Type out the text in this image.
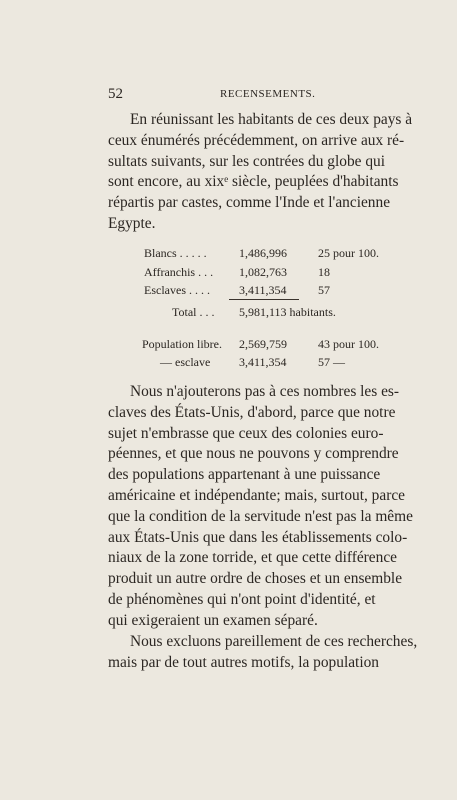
52	RECENSEMENTS.

En réunissant les habitants de ces deux pays à
ceux énumérés précédemment, on arrive aux ré-
sultats suivants, sur les contrées du globe qui
sont encore, au xixᵉ siècle, peuplées d'habitants
répartis par castes, comme l'Inde et l'ancienne
Egypte.

Blancs . . . . .	1,486,996	25 pour 100.
Affranchis . . . 1,082,763	18
Esclaves . . . . 3,411,354	57
Total . . . 5,981,113 habitants.
Population libre. 2,569,759	43 pour 100.
— esclave 3,411,354	57 —

Nous n'ajouterons pas à ces nombres les es-
claves des États-Unis, d'abord, parce que notre
sujet n'embrasse que ceux des colonies euro-
péennes, et que nous ne pouvons y comprendre
des populations appartenant à une puissance
américaine et indépendante; mais, surtout, parce
que la condition de la servitude n'est pas la même
aux États-Unis que dans les établissements colo-
niaux de la zone torride, et que cette différence
produit un autre ordre de choses et un ensemble
de phénomènes qui n'ont point d'identité, et
qui exigeraient un examen séparé.

Nous excluons pareillement de ces recherches,
mais par de tout autres motifs, la population
